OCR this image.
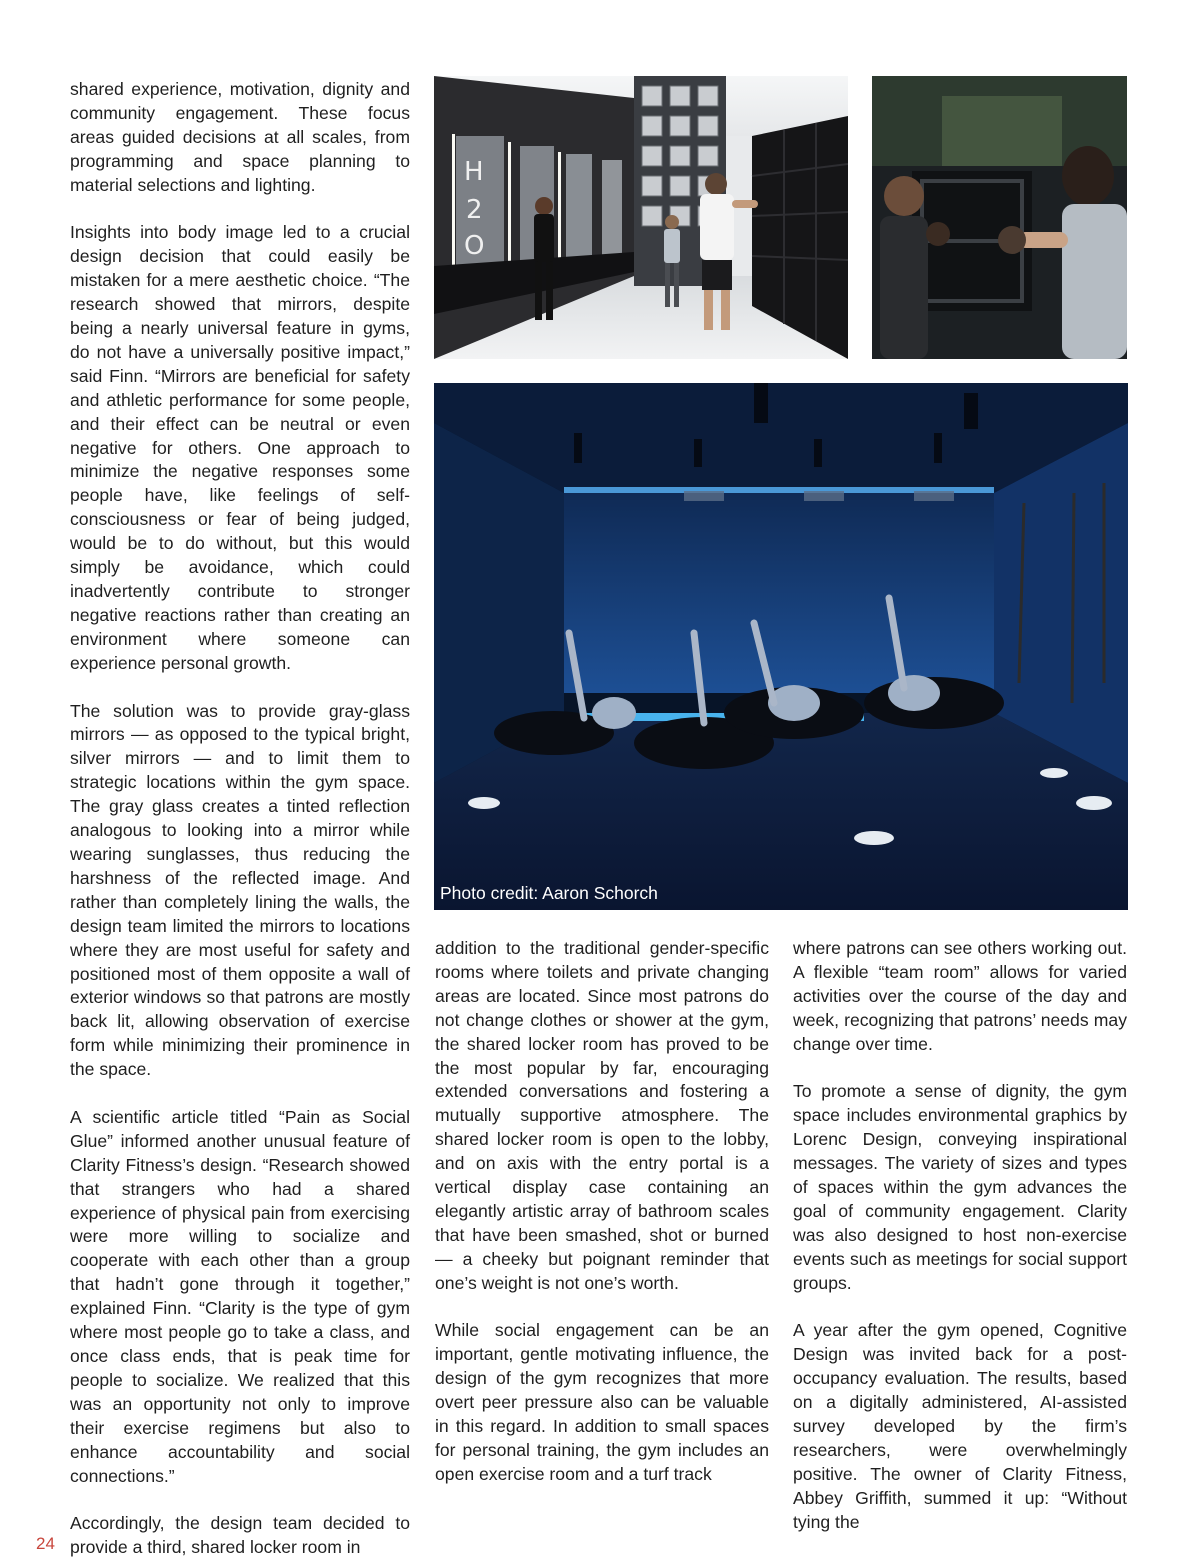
shared experience, motivation, dignity and community engagement. These focus areas guided decisions at all scales, from programming and space planning to material selections and lighting.

Insights into body image led to a crucial design decision that could easily be mistaken for a mere aesthetic choice. “The research showed that mirrors, despite being a nearly universal feature in gyms, do not have a universally positive impact,” said Finn. “Mirrors are beneficial for safety and athletic performance for some people, and their effect can be neutral or even negative for others. One approach to minimize the negative responses some people have, like feelings of self-consciousness or fear of being judged, would be to do without, but this would simply be avoidance, which could inadvertently contribute to stronger negative reactions rather than creating an environment where someone can experience personal growth.

The solution was to provide gray-glass mirrors — as opposed to the typical bright, silver mirrors — and to limit them to strategic locations within the gym space. The gray glass creates a tinted reflection analogous to looking into a mirror while wearing sunglasses, thus reducing the harshness of the reflected image. And rather than completely lining the walls, the design team limited the mirrors to locations where they are most useful for safety and positioned most of them opposite a wall of exterior windows so that patrons are mostly back lit, allowing observation of exercise form while minimizing their prominence in the space.

A scientific article titled “Pain as Social Glue” informed another unusual feature of Clarity Fitness’s design. “Research showed that strangers who had a shared experience of physical pain from exercising were more willing to socialize and cooperate with each other than a group that hadn’t gone through it together,” explained Finn. “Clarity is the type of gym where most people go to take a class, and once class ends, that is peak time for people to socialize. We realized that this was an opportunity not only to improve their exercise regimens but also to enhance accountability and social connections.”

Accordingly, the design team decided to provide a third, shared locker room in

H
2
O
Photo credit: Aaron Schorch

addition to the traditional gender-specific rooms where toilets and private changing areas are located. Since most patrons do not change clothes or shower at the gym, the shared locker room has proved to be the most popular by far, encouraging extended conversations and fostering a mutually supportive atmosphere. The shared locker room is open to the lobby, and on axis with the entry portal is a vertical display case containing an elegantly artistic array of bathroom scales that have been smashed, shot or burned — a cheeky but poignant reminder that one’s weight is not one’s worth.

While social engagement can be an important, gentle motivating influence, the design of the gym recognizes that more overt peer pressure also can be valuable in this regard. In addition to small spaces for personal training, the gym includes an open exercise room and a turf track

where patrons can see others working out. A flexible “team room” allows for varied activities over the course of the day and week, recognizing that patrons’ needs may change over time.

To promote a sense of dignity, the gym space includes environmental graphics by Lorenc Design, conveying inspirational messages. The variety of sizes and types of spaces within the gym advances the goal of community engagement. Clarity was also designed to host non-exercise events such as meetings for social support groups.

A year after the gym opened, Cognitive Design was invited back for a post-occupancy evaluation. The results, based on a digitally administered, AI-assisted survey developed by the firm’s researchers, were overwhelmingly positive. The owner of Clarity Fitness, Abbey Griffith, summed it up: “Without tying the

24
